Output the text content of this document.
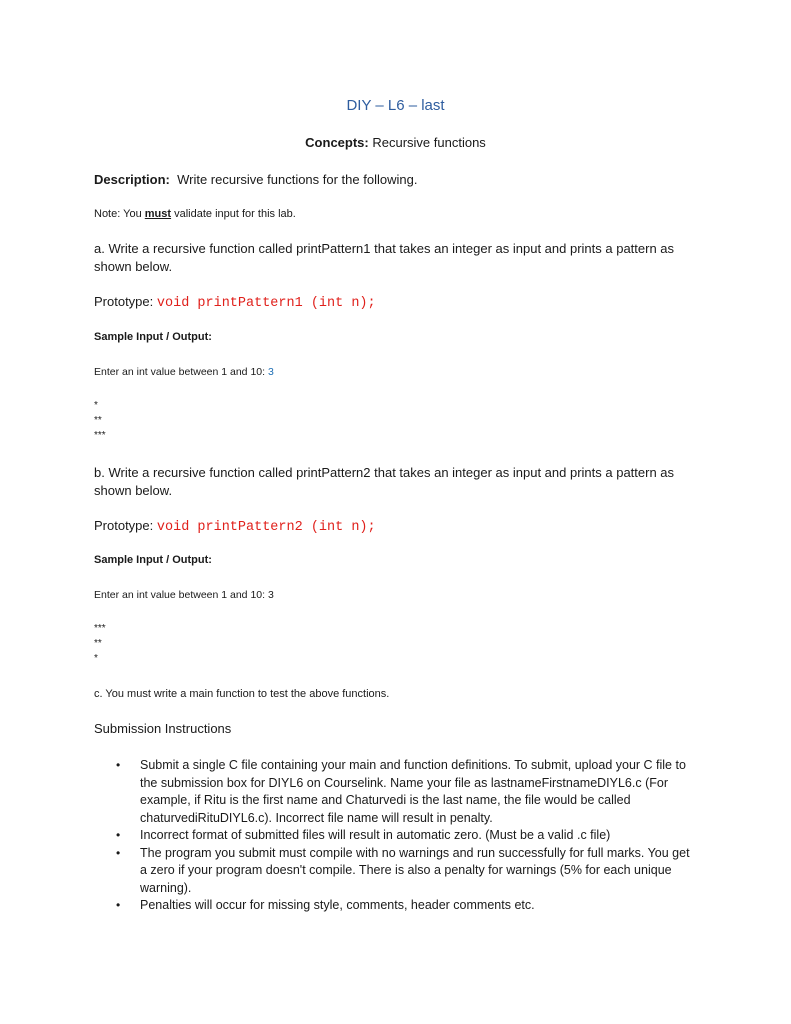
DIY – L6 – last
Concepts: Recursive functions
Description: Write recursive functions for the following.
Note: You must validate input for this lab.
a. Write a recursive function called printPattern1 that takes an integer as input and prints a pattern as shown below.
Prototype: void printPattern1 (int n);
Sample Input / Output:
Enter an int value between 1 and 10: 3
*
**
***
b. Write a recursive function called printPattern2 that takes an integer as input and prints a pattern as shown below.
Prototype: void printPattern2 (int n);
Sample Input / Output:
Enter an int value between 1 and 10: 3
***
**
*
c. You must write a main function to test the above functions.
Submission Instructions
• Submit a single C file containing your main and function definitions. To submit, upload your C file to the submission box for DIYL6 on Courselink. Name your file as lastnameFirstnameDIYL6.c (For example, if Ritu is the first name and Chaturvedi is the last name, the file would be called chaturvediRituDIYL6.c). Incorrect file name will result in penalty.
• Incorrect format of submitted files will result in automatic zero. (Must be a valid .c file)
• The program you submit must compile with no warnings and run successfully for full marks. You get a zero if your program doesn't compile. There is also a penalty for warnings (5% for each unique warning).
• Penalties will occur for missing style, comments, header comments etc.
